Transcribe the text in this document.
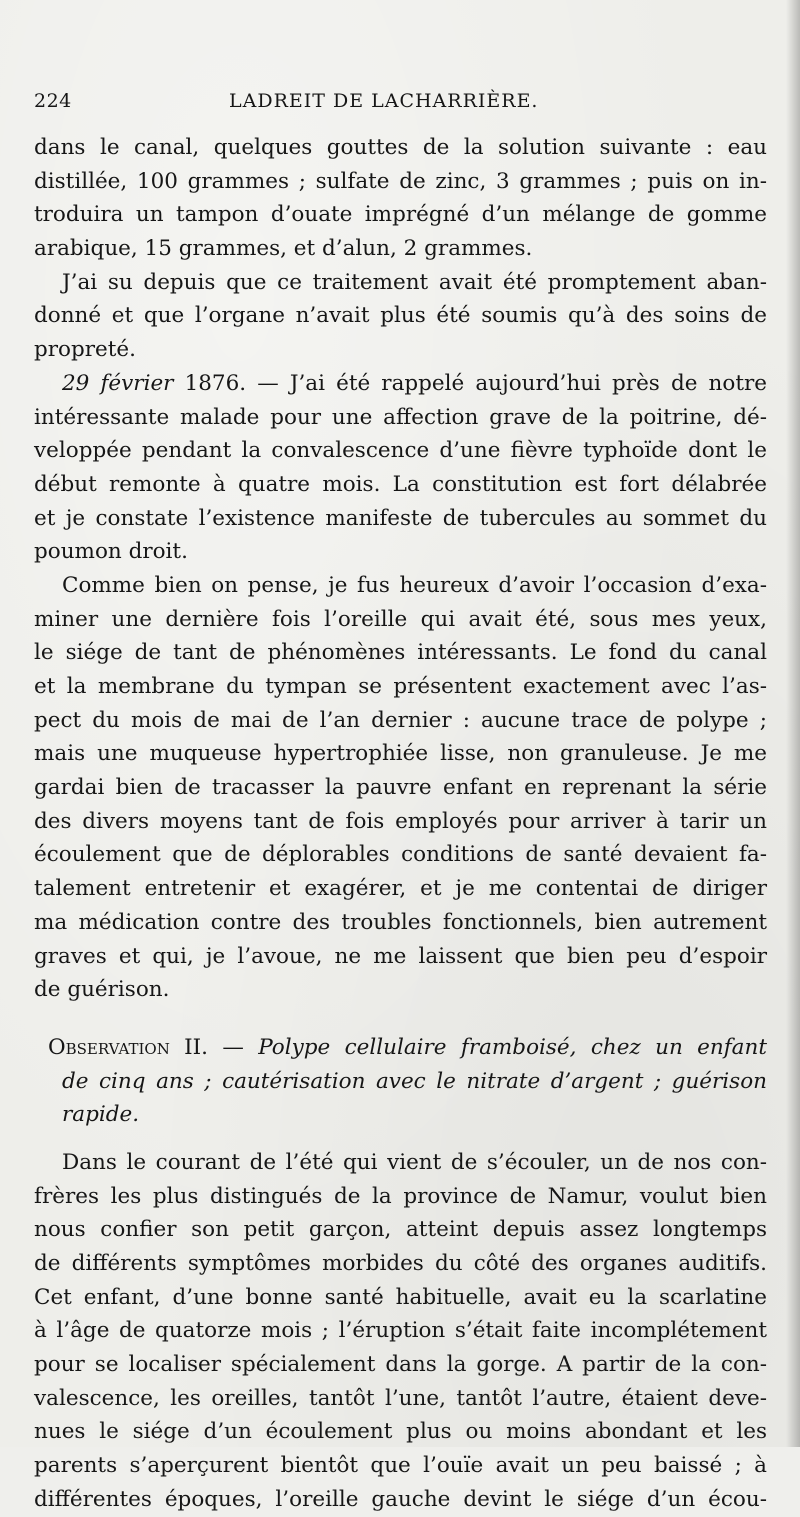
224	LADREIT DE LACHARRIÈRE.
dans le canal, quelques gouttes de la solution suivante : eau
distillée, 100 grammes ; sulfate de zinc, 3 grammes ; puis on in-
troduira un tampon d’ouate imprégné d’un mélange de gomme
arabique, 15 grammes, et d’alun, 2 grammes.
J’ai su depuis que ce traitement avait été promptement aban-
donné et que l’organe n’avait plus été soumis qu’à des soins de
propreté.
29 février 1876. — J’ai été rappelé aujourd’hui près de notre
intéressante malade pour une affection grave de la poitrine, dé-
veloppée pendant la convalescence d’une fièvre typhoïde dont le
début remonte à quatre mois. La constitution est fort délabrée
et je constate l’existence manifeste de tubercules au sommet du
poumon droit.
Comme bien on pense, je fus heureux d’avoir l’occasion d’exa-
miner une dernière fois l’oreille qui avait été, sous mes yeux,
le siége de tant de phénomènes intéressants. Le fond du canal
et la membrane du tympan se présentent exactement avec l’as-
pect du mois de mai de l’an dernier : aucune trace de polype ;
mais une muqueuse hypertrophiée lisse, non granuleuse. Je me
gardai bien de tracasser la pauvre enfant en reprenant la série
des divers moyens tant de fois employés pour arriver à tarir un
écoulement que de déplorables conditions de santé devaient fa-
talement entretenir et exagérer, et je me contentai de diriger
ma médication contre des troubles fonctionnels, bien autrement
graves et qui, je l’avoue, ne me laissent que bien peu d’espoir
de guérison.
Observation II. — Polype cellulaire framboisé, chez un enfant
de cinq ans ; cautérisation avec le nitrate d’argent ; guérison
rapide.
Dans le courant de l’été qui vient de s’écouler, un de nos con-
frères les plus distingués de la province de Namur, voulut bien
nous confier son petit garçon, atteint depuis assez longtemps
de différents symptômes morbides du côté des organes auditifs.
Cet enfant, d’une bonne santé habituelle, avait eu la scarlatine
à l’âge de quatorze mois ; l’éruption s’était faite incomplétement
pour se localiser spécialement dans la gorge. A partir de la con-
valescence, les oreilles, tantôt l’une, tantôt l’autre, étaient deve-
nues le siége d’un écoulement plus ou moins abondant et les
parents s’aperçurent bientôt que l’ouïe avait un peu baissé ; à
différentes époques, l’oreille gauche devint le siége d’un écou-
